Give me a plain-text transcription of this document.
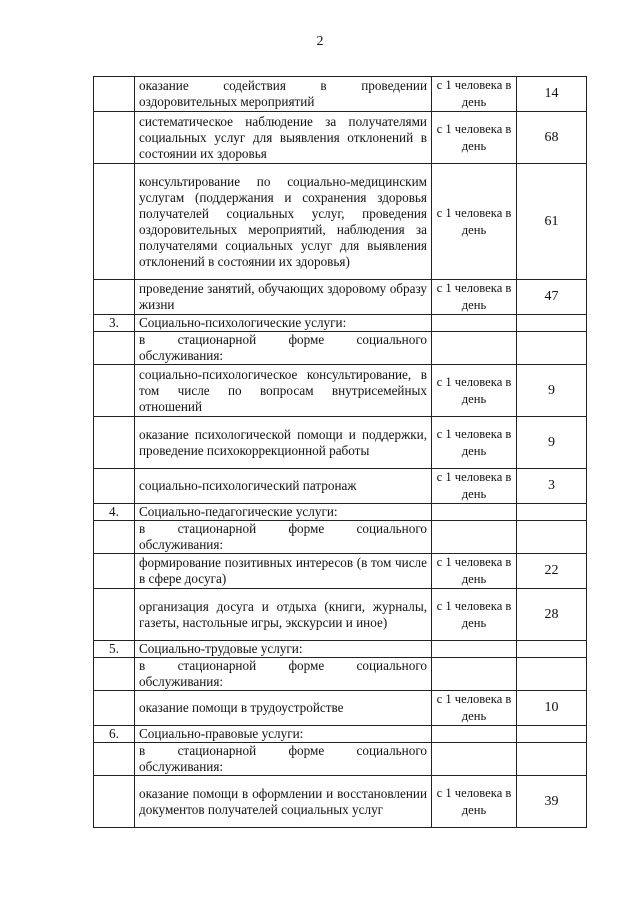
2
	оказание содействия в проведении оздоровительных мероприятий	с 1 человека в день	14
	систематическое наблюдение за получателями социальных услуг для выявления отклонений в состоянии их здоровья	с 1 человека в день	68
	консультирование по социально-медицинским услугам (поддержания и сохранения здоровья получателей социальных услуг, проведения оздоровительных мероприятий, наблюдения за получателями социальных услуг для выявления отклонений в состоянии их здоровья)	с 1 человека в день	61
	проведение занятий, обучающих здоровому образу жизни	с 1 человека в день	47
3.	Социально-психологические услуги:		
	в стационарной форме социального обслуживания:		
	социально-психологическое консультирование, в том числе по вопросам внутрисемейных отношений	с 1 человека в день	9
	оказание психологической помощи и поддержки, проведение психокоррекционной работы	с 1 человека в день	9
	социально-психологический патронаж	с 1 человека в день	3
4.	Социально-педагогические услуги:		
	в стационарной форме социального обслуживания:		
	формирование позитивных интересов (в том числе в сфере досуга)	с 1 человека в день	22
	организация досуга и отдыха (книги, журналы, газеты, настольные игры, экскурсии и иное)	с 1 человека в день	28
5.	Социально-трудовые услуги:		
	в стационарной форме социального обслуживания:		
	оказание помощи в трудоустройстве	с 1 человека в день	10
6.	Социально-правовые услуги:		
	в стационарной форме социального обслуживания:		
	оказание помощи в оформлении и восстановлении документов получателей социальных услуг	с 1 человека в день	39
